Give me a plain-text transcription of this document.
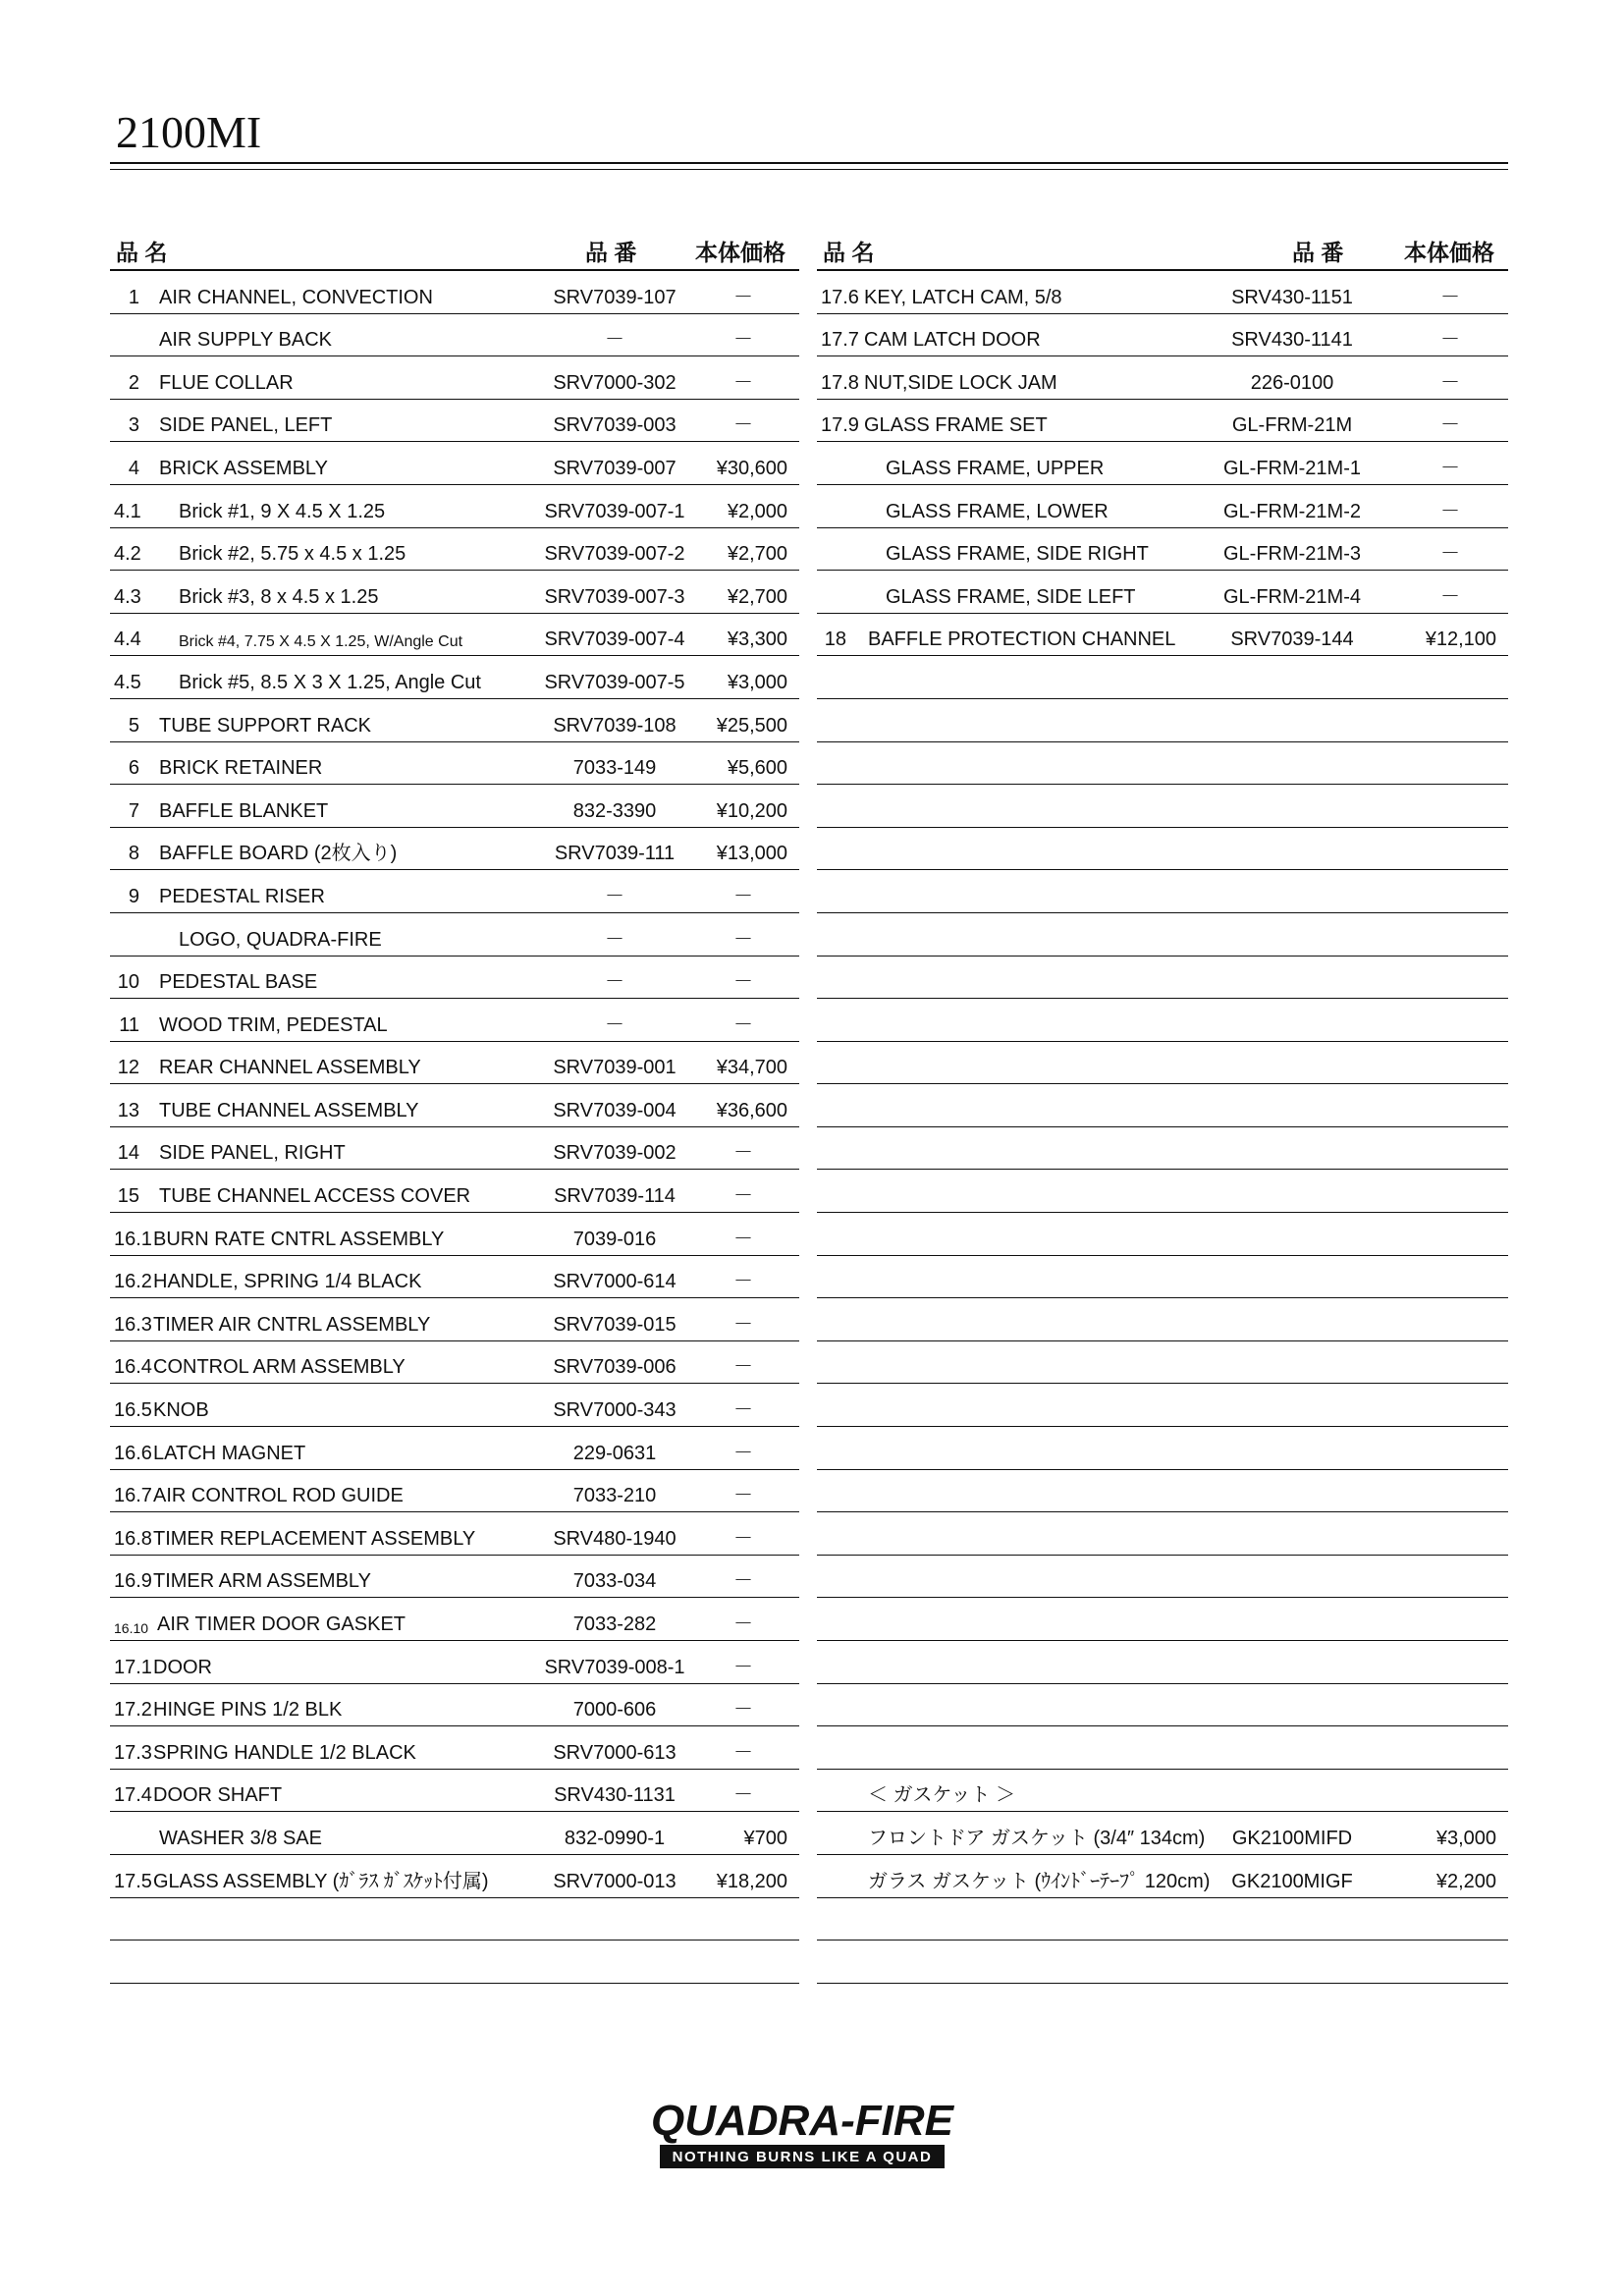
2100MI
品 名	品 番	本体価格
1 AIR CHANNEL, CONVECTION	SRV7039-107	－
AIR SUPPLY BACK	－	－
2 FLUE COLLAR	SRV7000-302	－
3 SIDE PANEL, LEFT	SRV7039-003	－
4 BRICK ASSEMBLY	SRV7039-007	¥30,600
4.1 Brick #1, 9 X 4.5 X 1.25	SRV7039-007-1	¥2,000
4.2 Brick #2, 5.75 x 4.5 x 1.25	SRV7039-007-2	¥2,700
4.3 Brick #3, 8 x 4.5 x 1.25	SRV7039-007-3	¥2,700
4.4 Brick #4, 7.75 X 4.5 X 1.25, W/Angle Cut	SRV7039-007-4	¥3,300
4.5 Brick #5, 8.5 X 3 X 1.25, Angle Cut	SRV7039-007-5	¥3,000
5 TUBE SUPPORT RACK	SRV7039-108	¥25,500
6 BRICK RETAINER	7033-149	¥5,600
7 BAFFLE BLANKET	832-3390	¥10,200
8 BAFFLE BOARD (2枚入り)	SRV7039-111	¥13,000
9 PEDESTAL RISER	－	－
LOGO, QUADRA-FIRE	－	－
10 PEDESTAL BASE	－	－
11 WOOD TRIM, PEDESTAL	－	－
12 REAR CHANNEL ASSEMBLY	SRV7039-001	¥34,700
13 TUBE CHANNEL ASSEMBLY	SRV7039-004	¥36,600
14 SIDE PANEL, RIGHT	SRV7039-002	－
15 TUBE CHANNEL ACCESS COVER	SRV7039-114	－
16.1 BURN RATE CNTRL ASSEMBLY	7039-016	－
16.2 HANDLE, SPRING 1/4 BLACK	SRV7000-614	－
16.3 TIMER AIR CNTRL ASSEMBLY	SRV7039-015	－
16.4 CONTROL ARM ASSEMBLY	SRV7039-006	－
16.5 KNOB	SRV7000-343	－
16.6 LATCH MAGNET	229-0631	－
16.7 AIR CONTROL ROD GUIDE	7033-210	－
16.8 TIMER REPLACEMENT ASSEMBLY	SRV480-1940	－
16.9 TIMER ARM ASSEMBLY	7033-034	－
16.10 AIR TIMER DOOR GASKET	7033-282	－
17.1 DOOR	SRV7039-008-1	－
17.2 HINGE PINS 1/2 BLK	7000-606	－
17.3 SPRING HANDLE 1/2 BLACK	SRV7000-613	－
17.4 DOOR SHAFT	SRV430-1131	－
WASHER 3/8 SAE	832-0990-1	¥700
17.5 GLASS ASSEMBLY (ｶﾞﾗｽ ｶﾞｽｹｯﾄ付属)	SRV7000-013	¥18,200
品 名	品 番	本体価格
17.6 KEY, LATCH CAM, 5/8	SRV430-1151	－
17.7 CAM LATCH DOOR	SRV430-1141	－
17.8 NUT,SIDE LOCK JAM	226-0100	－
17.9 GLASS FRAME SET	GL-FRM-21M	－
GLASS FRAME, UPPER	GL-FRM-21M-1	－
GLASS FRAME, LOWER	GL-FRM-21M-2	－
GLASS FRAME, SIDE RIGHT	GL-FRM-21M-3	－
GLASS FRAME, SIDE LEFT	GL-FRM-21M-4	－
18 BAFFLE PROTECTION CHANNEL	SRV7039-144	¥12,100
＜ ガスケット ＞
フロントドア ガスケット (3/4″ 134cm)	GK2100MIFD	¥3,000
ガラス ガスケット (ｳｲﾝﾄﾞｰﾃｰﾌﾟ 120cm)	GK2100MIGF	¥2,200
QUADRA-FIRE
NOTHING BURNS LIKE A QUAD
